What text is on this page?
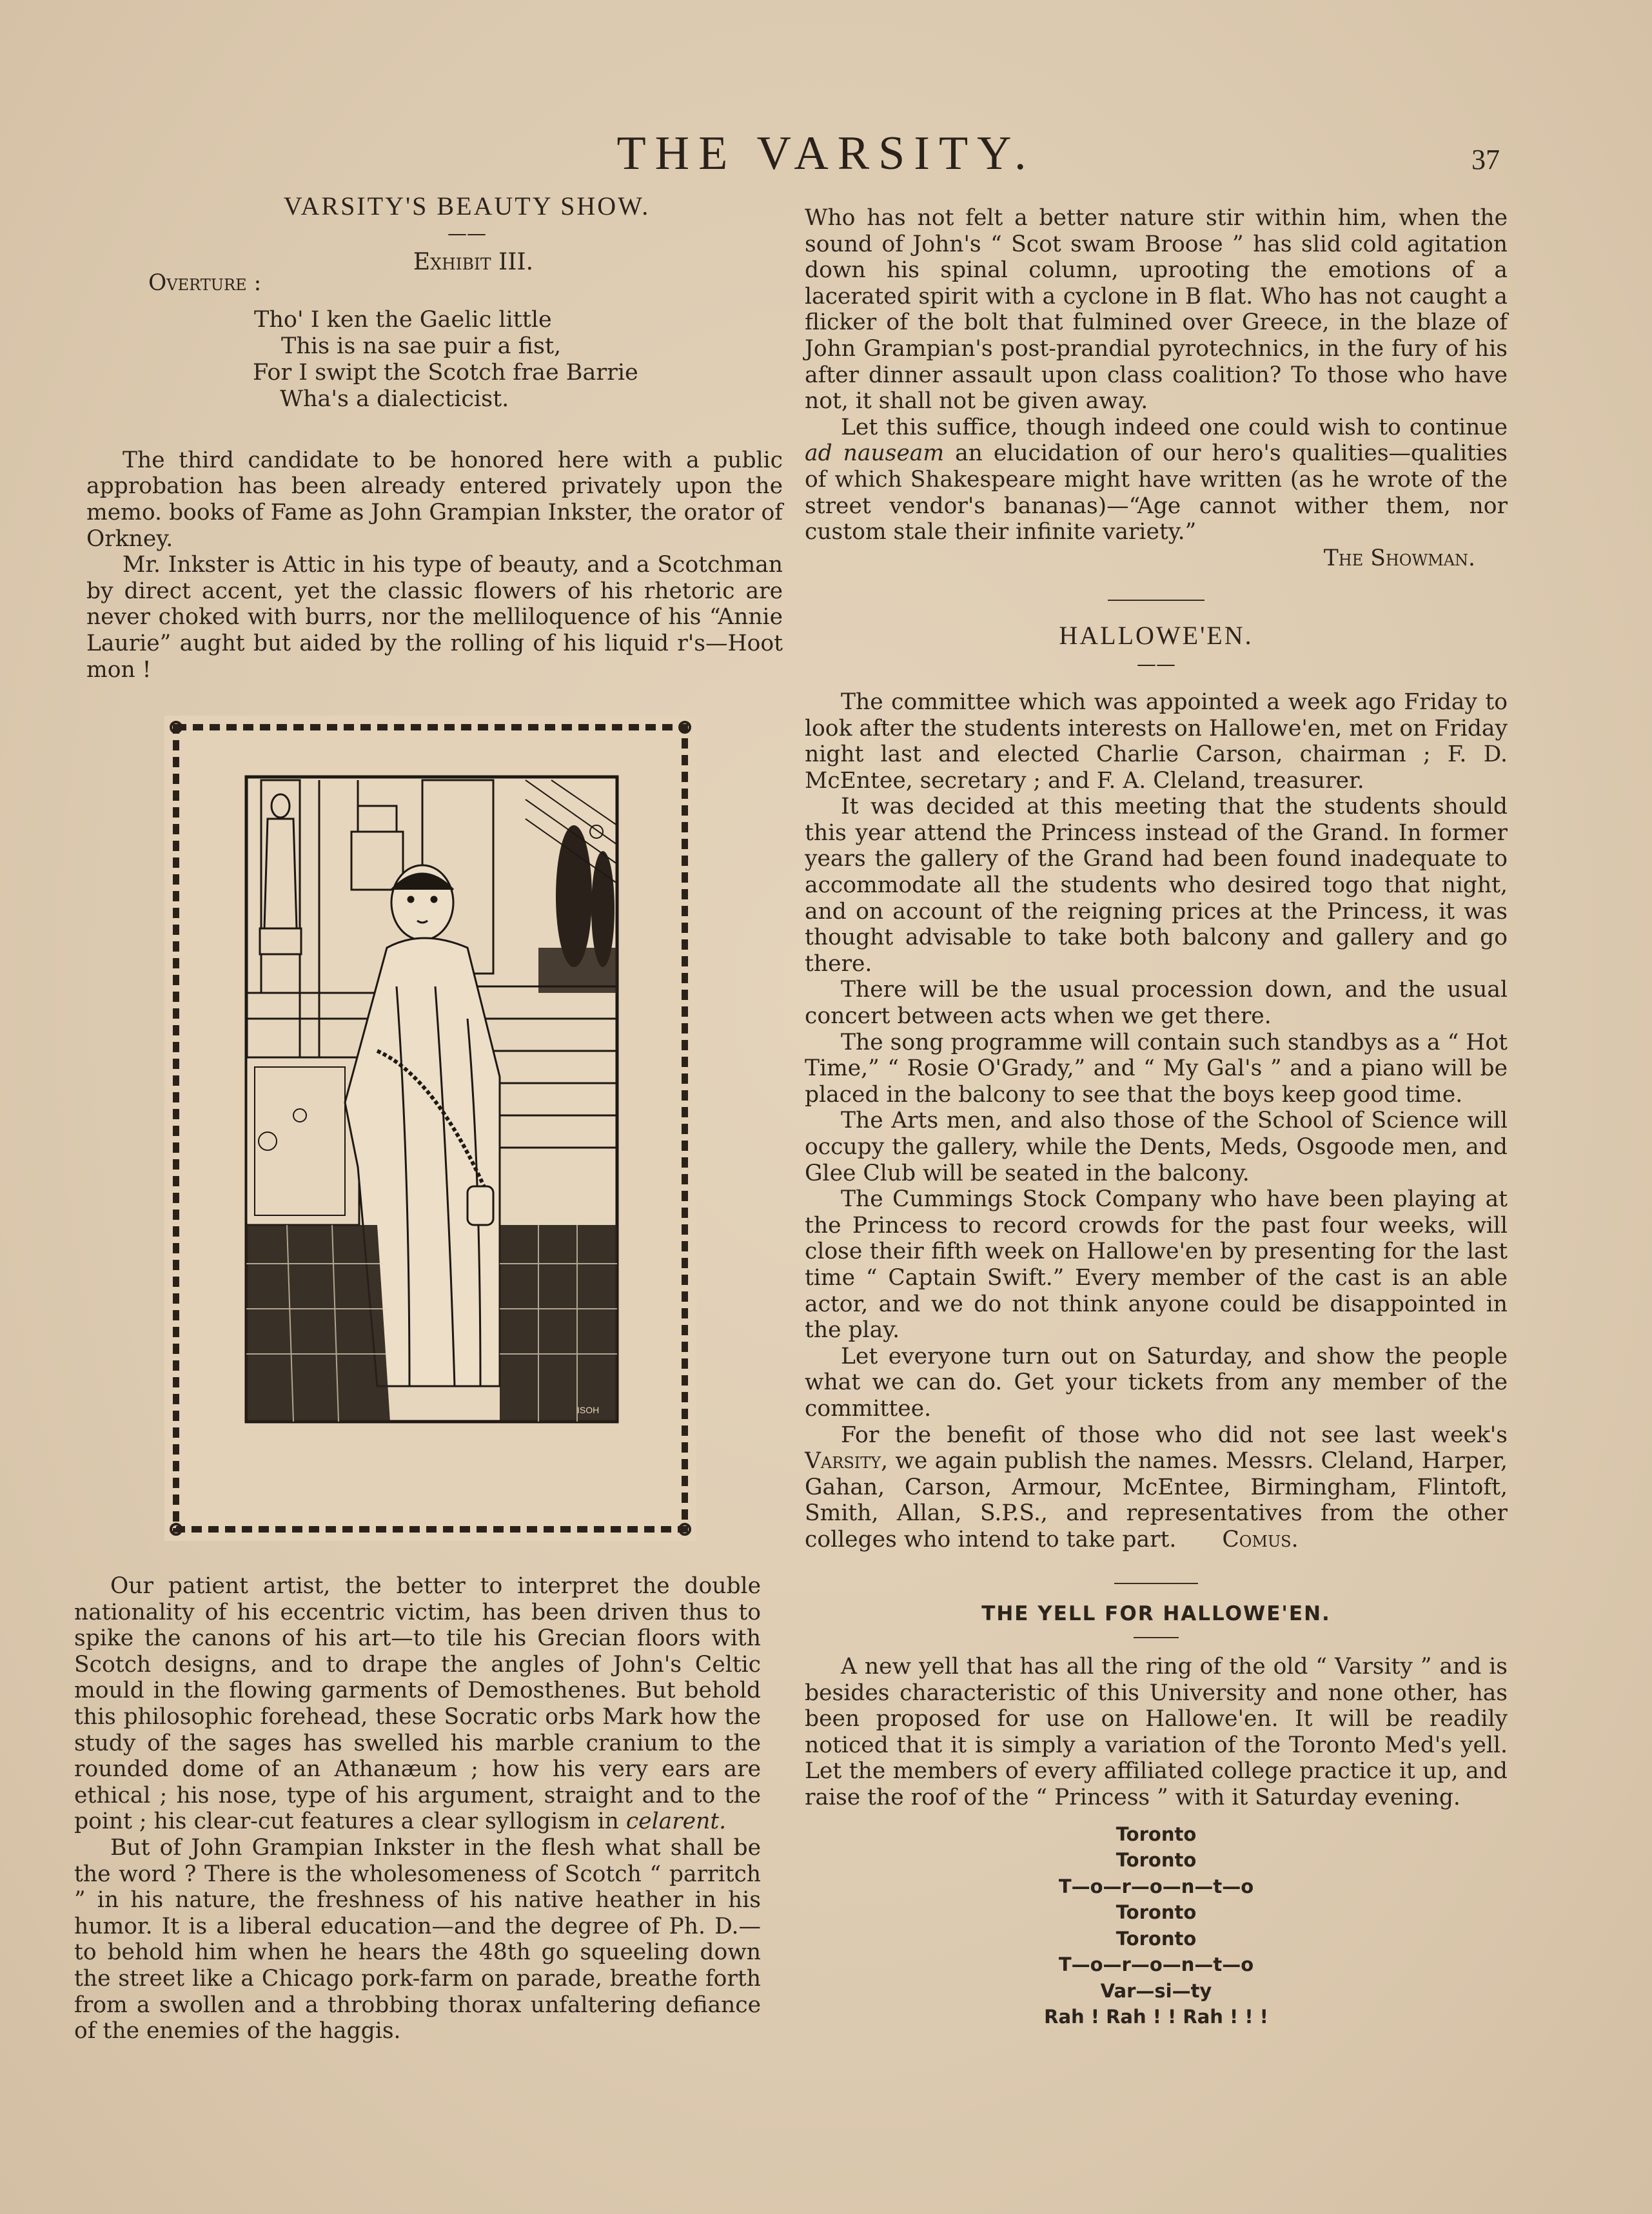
THE VARSITY.	37
VARSITY'S BEAUTY SHOW.
——
Exhibit III.
Overture :
Tho' I ken the Gaelic little
This is na sae puir a fist,
For I swipt the Scotch frae Barrie
Wha's a dialecticist.

The third candidate to be honored here with a public approbation has been already entered privately upon the memo. books of Fame as John Grampian Inkster, the orator of Orkney.

Mr. Inkster is Attic in his type of beauty, and a Scotchman by direct accent, yet the classic flowers of his rhetoric are never choked with burrs, nor the melliloquence of his “Annie Laurie” aught but aided by the rolling of his liquid r's—Hoot mon !

ISOH

Our patient artist, the better to interpret the double nationality of his eccentric victim, has been driven thus to spike the canons of his art—to tile his Grecian floors with Scotch designs, and to drape the angles of John's Celtic mould in the flowing garments of Demosthenes. But behold this philosophic forehead, these Socratic orbs Mark how the study of the sages has swelled his marble cranium to the rounded dome of an Athanæum ; how his very ears are ethical ; his nose, type of his argument, straight and to the point ; his clear-cut features a clear syllogism in celarent.

But of John Grampian Inkster in the flesh what shall be the word ? There is the wholesomeness of Scotch “ parritch ” in his nature, the freshness of his native heather in his humor. It is a liberal education—and the degree of Ph. D.—to behold him when he hears the 48th go squeeling down the street like a Chicago pork-farm on parade, breathe forth from a swollen and a throbbing thorax unfaltering defiance of the enemies of the haggis.

Who has not felt a better nature stir within him, when the sound of John's “ Scot swam Broose ” has slid cold agitation down his spinal column, uprooting the emotions of a lacerated spirit with a cyclone in B flat. Who has not caught a flicker of the bolt that fulmined over Greece, in the blaze of John Grampian's post-prandial pyrotechnics, in the fury of his after dinner assault upon class coalition? To those who have not, it shall not be given away.

Let this suffice, though indeed one could wish to continue ad nauseam an elucidation of our hero's qualities—qualities of which Shakespeare might have written (as he wrote of the street vendor's bananas)—“Age cannot wither them, nor custom stale their infinite variety.”

The Showman.
HALLOWE'EN.
——

The committee which was appointed a week ago Friday to look after the students interests on Hallowe'en, met on Friday night last and elected Charlie Carson, chairman ; F. D. McEntee, secretary ; and F. A. Cleland, treasurer.

It was decided at this meeting that the students should this year attend the Princess instead of the Grand. In former years the gallery of the Grand had been found inadequate to accommodate all the students who desired togo that night, and on account of the reigning prices at the Princess, it was thought advisable to take both balcony and gallery and go there.

There will be the usual procession down, and the usual concert between acts when we get there.

The song programme will contain such standbys as a “ Hot Time,” “ Rosie O'Grady,” and “ My Gal's ” and a piano will be placed in the balcony to see that the boys keep good time.

The Arts men, and also those of the School of Science will occupy the gallery, while the Dents, Meds, Osgoode men, and Glee Club will be seated in the balcony.

The Cummings Stock Company who have been playing at the Princess to record crowds for the past four weeks, will close their fifth week on Hallowe'en by presenting for the last time “ Captain Swift.” Every member of the cast is an able actor, and we do not think anyone could be disappointed in the play.

Let everyone turn out on Saturday, and show the people what we can do. Get your tickets from any member of the committee.

For the benefit of those who did not see last week's Varsity, we again publish the names. Messrs. Cleland, Harper, Gahan, Carson, Armour, McEntee, Birmingham, Flintoft, Smith, Allan, S.P.S., and representatives from the other colleges who intend to take part. Comus.

THE YELL FOR HALLOWE'EN.

A new yell that has all the ring of the old “ Varsity ” and is besides characteristic of this University and none other, has been proposed for use on Hallowe'en. It will be readily noticed that it is simply a variation of the Toronto Med's yell. Let the members of every affiliated college practice it up, and raise the roof of the “ Princess ” with it Saturday evening.

Toronto
Toronto
T—o—r—o—n—t—o
Toronto
Toronto
T—o—r—o—n—t—o
Var—si—ty
Rah ! Rah ! ! Rah ! ! !
